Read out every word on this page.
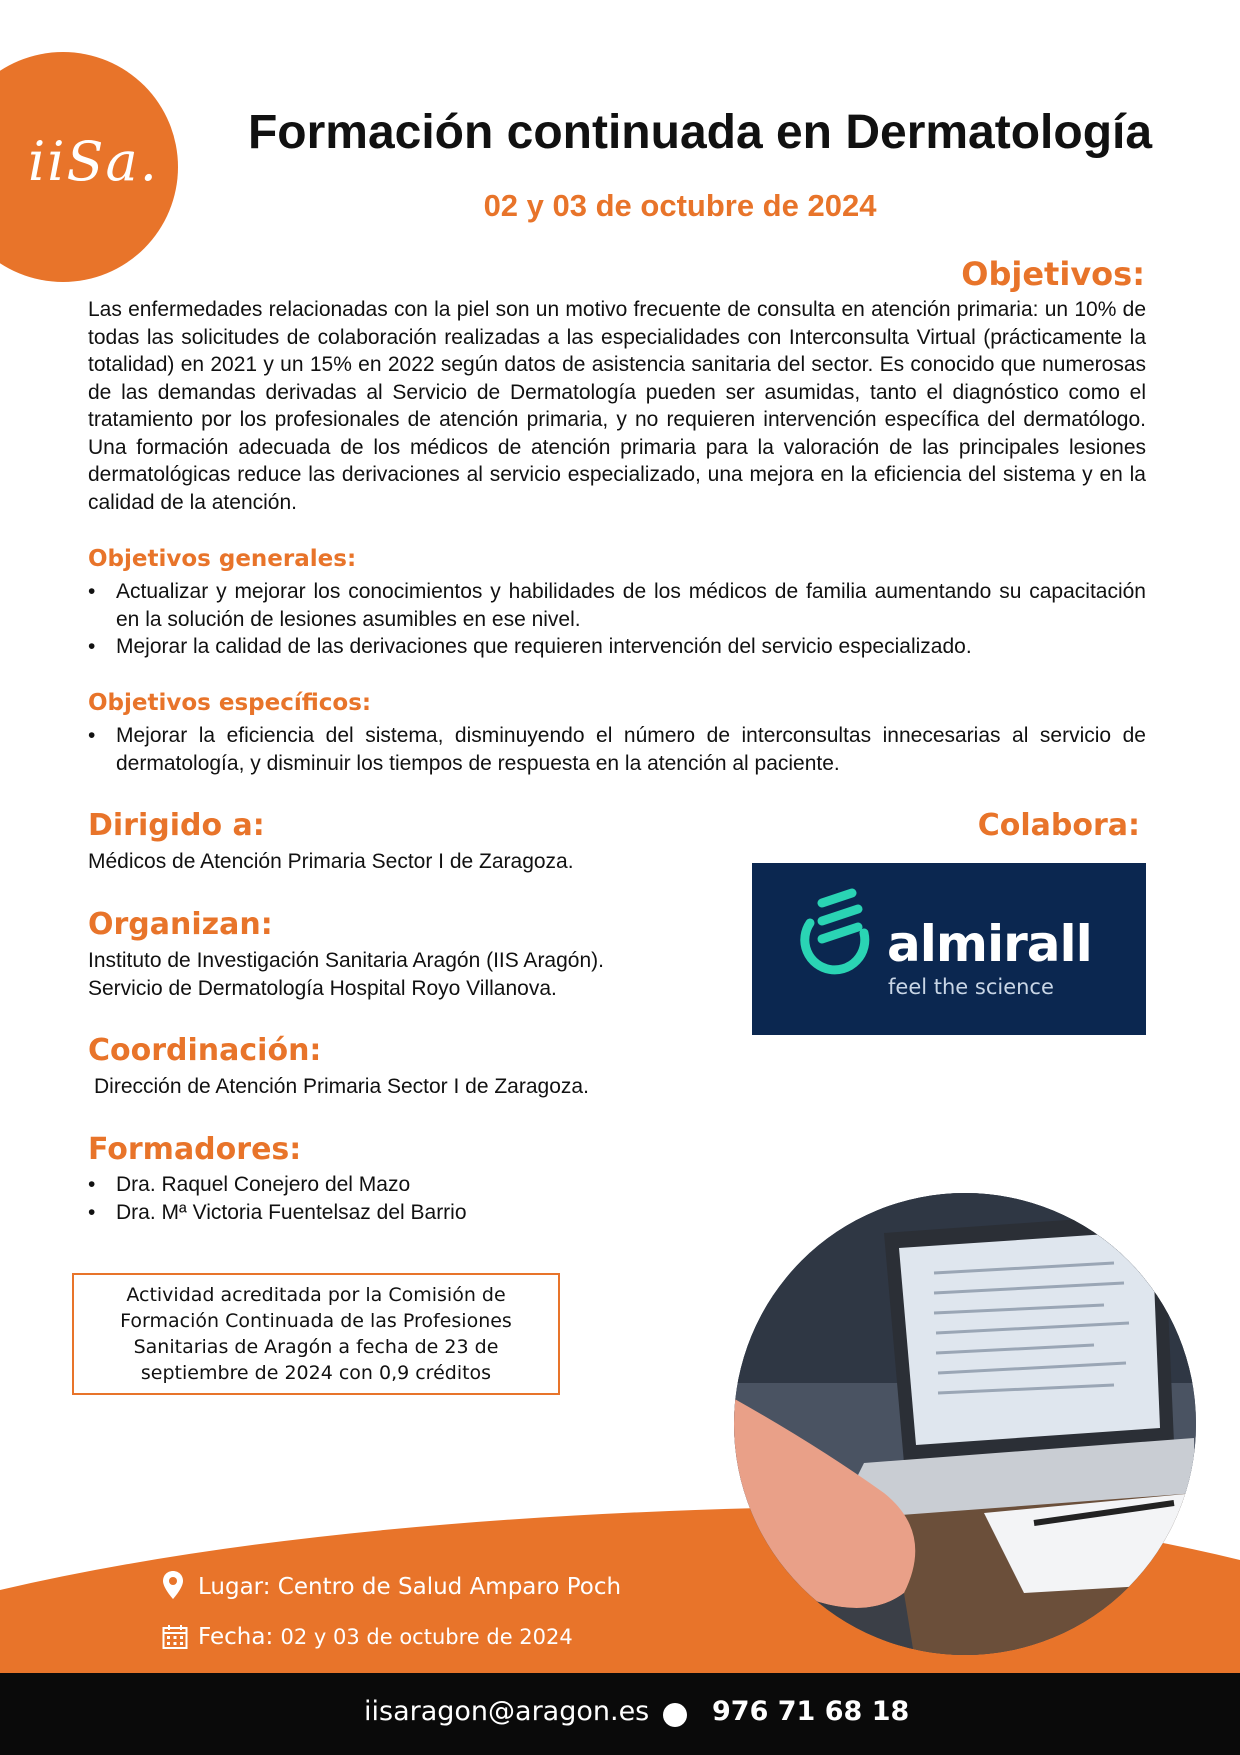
iiSa.	Formación continuada en Dermatología
02 y 03 de octubre de 2024
Objetivos:
Las enfermedades relacionadas con la piel son un motivo frecuente de consulta en atención primaria: un 10% de todas las solicitudes de colaboración realizadas a las especialidades con Interconsulta Virtual (prácticamente la totalidad) en 2021 y un 15% en 2022 según datos de asistencia sanitaria del sector. Es conocido que numerosas de las demandas derivadas al Servicio de Dermatología pueden ser asumidas, tanto el diagnóstico como el tratamiento por los profesionales de atención primaria, y no requieren intervención específica del dermatólogo. Una formación adecuada de los médicos de atención primaria para la valoración de las principales lesiones dermatológicas reduce las derivaciones al servicio especializado, una mejora en la eficiencia del sistema y en la calidad de la atención.
Objetivos generales:
• Actualizar y mejorar los conocimientos y habilidades de los médicos de familia aumentando su capacitación en la solución de lesiones asumibles en ese nivel.
• Mejorar la calidad de las derivaciones que requieren intervención del servicio especializado.
Objetivos específicos:
• Mejorar la eficiencia del sistema, disminuyendo el número de interconsultas innecesarias al servicio de dermatología, y disminuir los tiempos de respuesta en la atención al paciente.
Dirigido a:
Médicos de Atención Primaria Sector I de Zaragoza.
Colabora:
almirall
feel the science
Organizan:
Instituto de Investigación Sanitaria Aragón (IIS Aragón).
Servicio de Dermatología Hospital Royo Villanova.
Coordinación:
Dirección de Atención Primaria Sector I de Zaragoza.
Formadores:
• Dra. Raquel Conejero del Mazo
• Dra. Mª Victoria Fuentelsaz del Barrio
Actividad acreditada por la Comisión de Formación Continuada de las Profesiones Sanitarias de Aragón a fecha de 23 de septiembre de 2024 con 0,9 créditos
Lugar: Centro de Salud Amparo Poch
Fecha: 02 y 03 de octubre de 2024
iisaragon@aragon.es 976 71 68 18
